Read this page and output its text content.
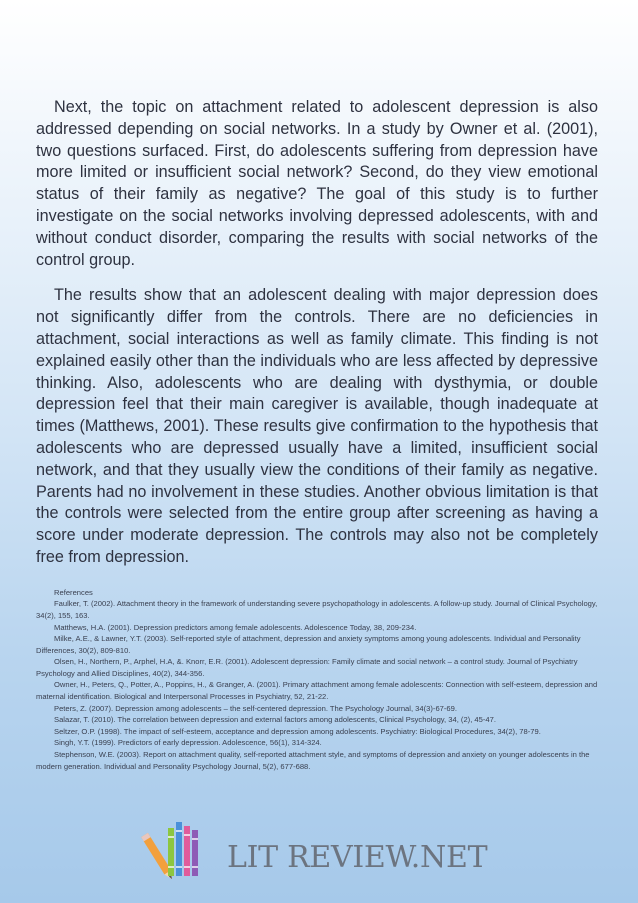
Next, the topic on attachment related to adolescent depression is also addressed depending on social networks. In a study by Owner et al. (2001), two questions surfaced. First, do adolescents suffering from depression have more limited or insufficient social network? Second, do they view emotional status of their family as negative? The goal of this study is to further investigate on the social networks involving depressed adolescents, with and without conduct disorder, comparing the results with social networks of the control group.

The results show that an adolescent dealing with major depression does not significantly differ from the controls. There are no deficiencies in attachment, social interactions as well as family climate. This finding is not explained easily other than the individuals who are less affected by depressive thinking. Also, adolescents who are dealing with dysthymia, or double depression feel that their main caregiver is available, though inadequate at times (Matthews, 2001). These results give confirmation to the hypothesis that adolescents who are depressed usually have a limited, insufficient social network, and that they usually view the conditions of their family as negative. Parents had no involvement in these studies. Another obvious limitation is that the controls were selected from the entire group after screening as having a score under moderate depression. The controls may also not be completely free from depression.

References
Faulker, T. (2002). Attachment theory in the framework of understanding severe psychopathology in adolescents. A follow-up study. Journal of Clinical Psychology, 34(2), 155, 163.
Matthews, H.A. (2001). Depression predictors among female adolescents. Adolescence Today, 38, 209-234.
Milke, A.E., & Lawner, Y.T. (2003). Self-reported style of attachment, depression and anxiety symptoms among young adolescents. Individual and Personality Differences, 30(2), 809-810.
Olsen, H., Northern, P., Arphel, H.A, &. Knorr, E.R. (2001). Adolescent depression: Family climate and social network – a control study. Journal of Psychiatry Psychology and Allied Disciplines, 40(2), 344-356.
Owner, H., Peters, Q., Potter, A., Poppins, H., & Granger, A. (2001). Primary attachment among female adolescents: Connection with self-esteem, depression and maternal identification. Biological and Interpersonal Processes in Psychiatry, 52, 21-22.
Peters, Z. (2007). Depression among adolescents – the self-centered depression. The Psychology Journal, 34(3)-67-69.
Salazar, T. (2010). The correlation between depression and external factors among adolescents, Clinical Psychology, 34, (2), 45-47.
Seltzer, O.P. (1998). The impact of self-esteem, acceptance and depression among adolescents. Psychiatry: Biological Procedures, 34(2), 78-79.
Singh, Y.T. (1999). Predictors of early depression. Adolescence, 56(1), 314-324.
Stephenson, W.E. (2003). Report on attachment quality, self-reported attachment style, and symptoms of depression and anxiety on younger adolescents in the modern generation. Individual and Personality Psychology Journal, 5(2), 677-688.
LIT REVIEW.NET
